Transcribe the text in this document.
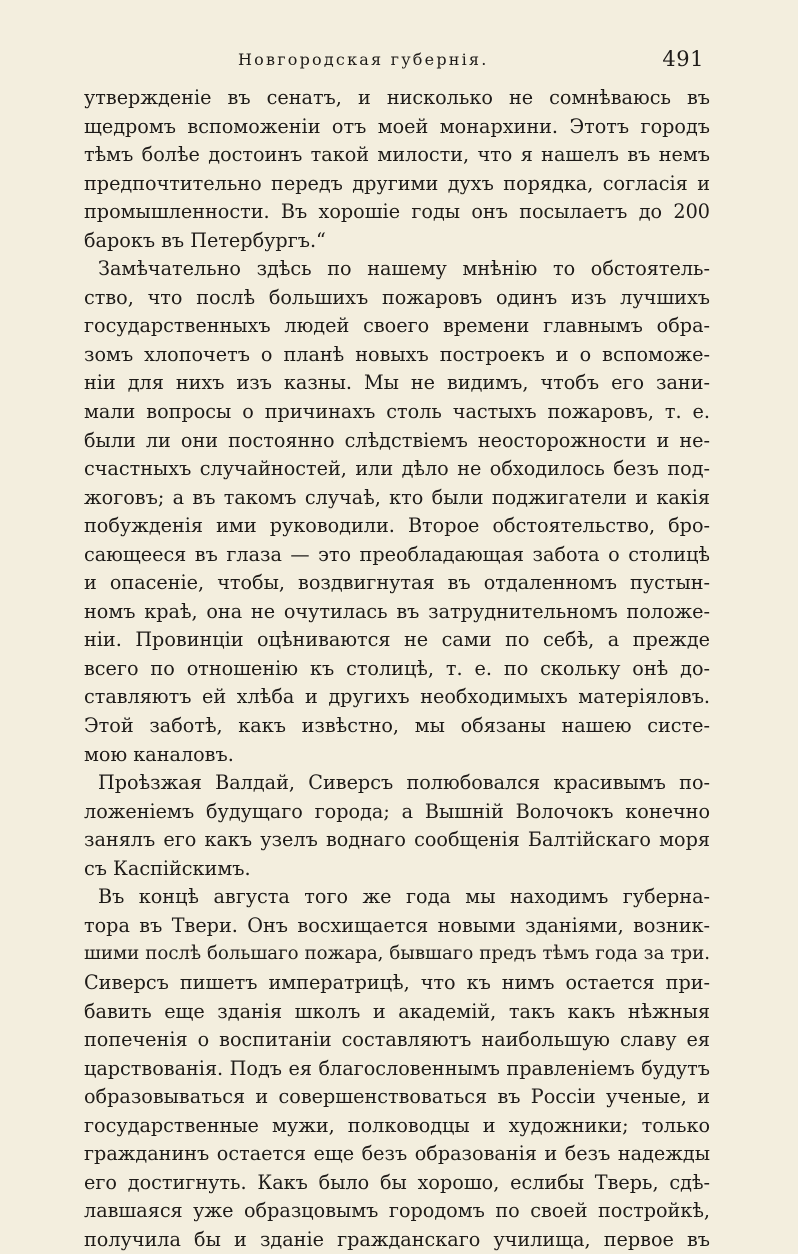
Новгородская губернія.	491
утвержденіе въ сенатъ, и нисколько не сомнѣваюсь въ
щедромъ вспоможеніи отъ моей монархини. Этотъ городъ
тѣмъ болѣе достоинъ такой милости, что я нашелъ въ немъ
предпочтительно передъ другими духъ порядка, согласія и
промышленности. Въ хорошіе годы онъ посылаетъ до 200
барокъ въ Петербургъ.“
Замѣчательно здѣсь по нашему мнѣнію то обстоятель-
ство, что послѣ большихъ пожаровъ одинъ изъ лучшихъ
государственныхъ людей своего времени главнымъ обра-
зомъ хлопочетъ о планѣ новыхъ построекъ и о вспоможе-
ніи для нихъ изъ казны. Мы не видимъ, чтобъ его зани-
мали вопросы о причинахъ столь частыхъ пожаровъ, т. е.
были ли они постоянно слѣдствіемъ неосторожности и не-
счастныхъ случайностей, или дѣло не обходилось безъ под-
жоговъ; а въ такомъ случаѣ, кто были поджигатели и какія
побужденія ими руководили. Второе обстоятельство, бро-
сающееся въ глаза — это преобладающая забота о столицѣ
и опасеніе, чтобы, воздвигнутая въ отдаленномъ пустын-
номъ краѣ, она не очутилась въ затруднительномъ положе-
ніи. Провинціи оцѣниваются не сами по себѣ, а прежде
всего по отношенію къ столицѣ, т. е. по скольку онѣ до-
ставляютъ ей хлѣба и другихъ необходимыхъ матеріяловъ.
Этой заботѣ, какъ извѣстно, мы обязаны нашею систе-
мою каналовъ.
Проѣзжая Валдай, Сиверсъ полюбовался красивымъ по-
ложеніемъ будущаго города; а Вышній Волочокъ конечно
занялъ его какъ узелъ воднаго сообщенія Балтійскаго моря
съ Каспійскимъ.
Въ концѣ августа того же года мы находимъ губерна-
тора въ Твери. Онъ восхищается новыми зданіями, возник-
шими послѣ большаго пожара, бывшаго предъ тѣмъ года за три.
Сиверсъ пишетъ императрицѣ, что къ нимъ остается при-
бавить еще зданія школъ и академій, такъ какъ нѣжныя
попеченія о воспитаніи составляютъ наибольшую славу ея
царствованія. Подъ ея благословеннымъ правленіемъ будутъ
образовываться и совершенствоваться въ Россіи ученые, и
государственные мужи, полководцы и художники; только
гражданинъ остается еще безъ образованія и безъ надежды
его достигнуть. Какъ было бы хорошо, еслибы Тверь, сдѣ-
лавшаяся уже образцовымъ городомъ по своей постройкѣ,
получила бы и зданіе гражданскаго училища, первое въ
